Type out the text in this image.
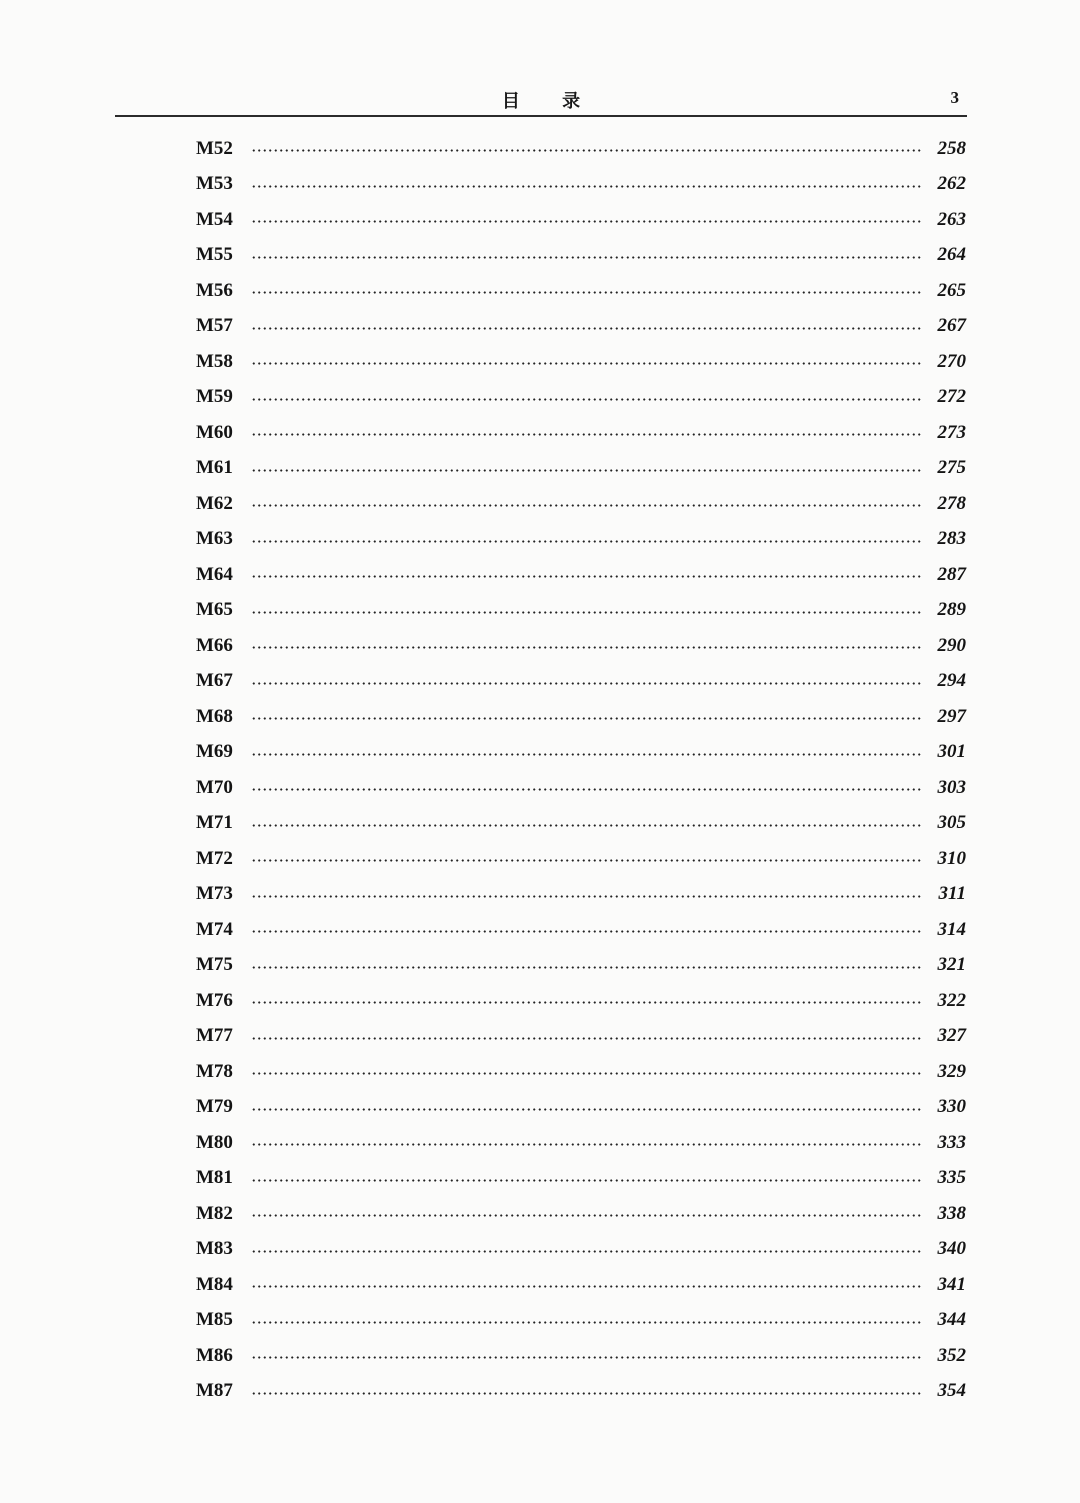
目 录	3
M52	258
M53	262
M54	263
M55	264
M56	265
M57	267
M58	270
M59	272
M60	273
M61	275
M62	278
M63	283
M64	287
M65	289
M66	290
M67	294
M68	297
M69	301
M70	303
M71	305
M72	310
M73	311
M74	314
M75	321
M76	322
M77	327
M78	329
M79	330
M80	333
M81	335
M82	338
M83	340
M84	341
M85	344
M86	352
M87	354
